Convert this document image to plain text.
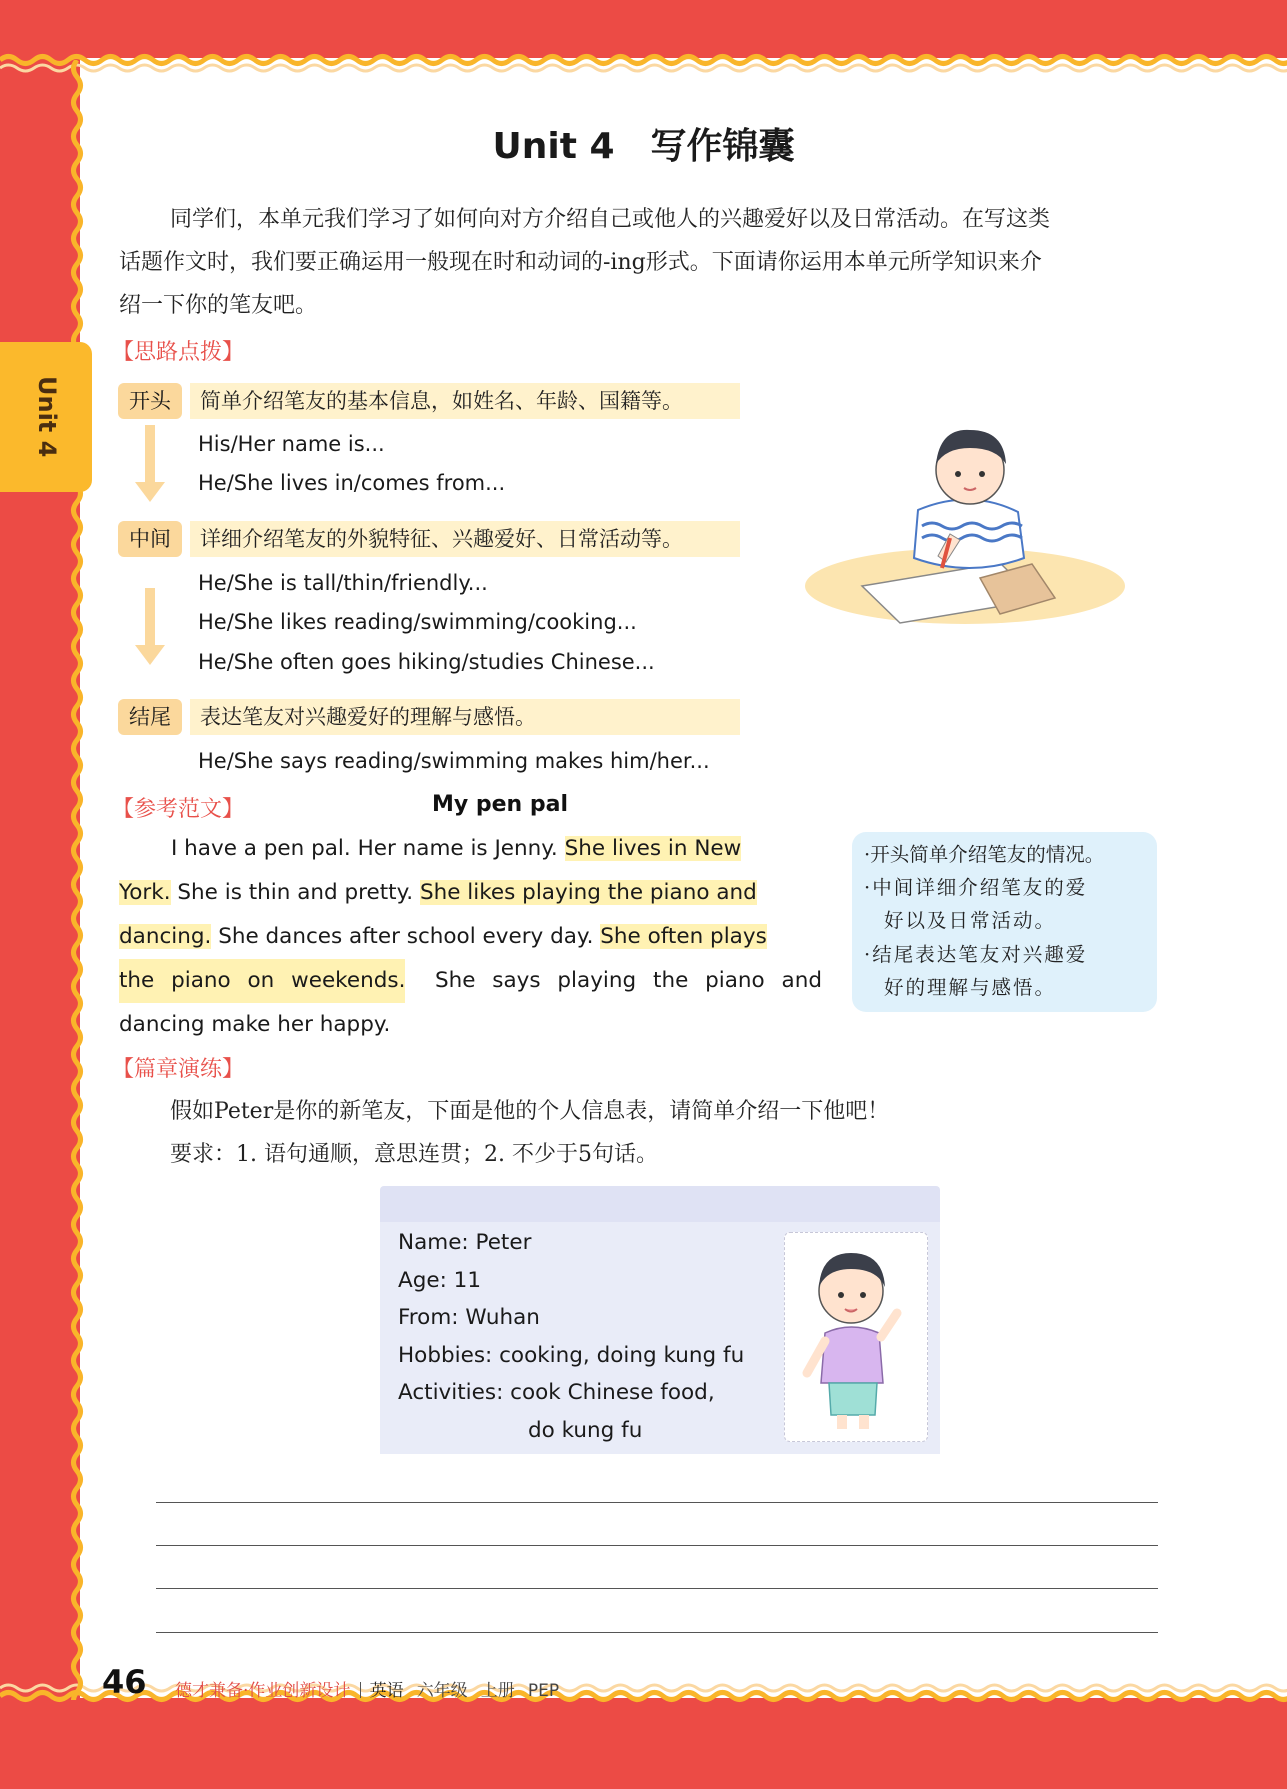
Unit 4
Unit 4　写作锦囊
同学们，本单元我们学习了如何向对方介绍自己或他人的兴趣爱好以及日常活动。在写这类
话题作文时，我们要正确运用一般现在时和动词的-ing形式。下面请你运用本单元所学知识来介
绍一下你的笔友吧。
【思路点拨】
开头	简单介绍笔友的基本信息，如姓名、年龄、国籍等。
His/Her name is...
He/She lives in/comes from...
中间	详细介绍笔友的外貌特征、兴趣爱好、日常活动等。
He/She is tall/thin/friendly...
He/She likes reading/swimming/cooking...
He/She often goes hiking/studies Chinese...
结尾	表达笔友对兴趣爱好的理解与感悟。
He/She says reading/swimming makes him/her...
【参考范文】	My pen pal

I have a pen pal. Her name is Jenny. She lives in New

York. She is thin and pretty. She likes playing the piano and

dancing. She dances after school every day. She often plays

the piano on weekends. She says playing the piano and

dancing make her happy.

·开头简单介绍笔友的情况。
·中间详细介绍笔友的爱
好以及日常活动。
·结尾表达笔友对兴趣爱
好的理解与感悟。
【篇章演练】
假如Peter是你的新笔友，下面是他的个人信息表，请简单介绍一下他吧！
要求：1. 语句通顺，意思连贯；2. 不少于5句话。
Name: Peter
Age: 11
From: Wuhan
Hobbies: cooking, doing kung fu
Activities: cook Chinese food,
do kung fu
46 德才兼备·作业创新设计 英语 六年级 上册 PEP
